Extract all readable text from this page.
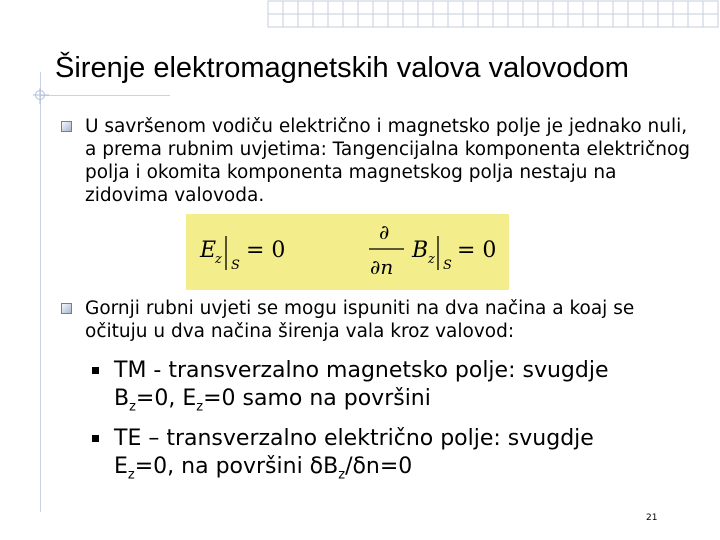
Širenje elektromagnetskih valova valovodom
U savršenom vodiču električno i magnetsko polje je jednako nuli, a prema rubnim uvjetima: Tangencijalna komponenta električnog polja i okomita komponenta magnetskog polja nestaju na zidovima valovoda.
E
z S
= 0
∂
∂n
B z S
= 0
Gornji rubni uvjeti se mogu ispuniti na dva načina a koaj se očituju u dva načina širenja vala kroz valovod:
TM - transverzalno magnetsko polje: svugdje
$B_z=0$, $E_z=0$ samo na površini
TE – transverzalno električno polje: svugdje
$E_z=0$, na površini $\delta B_z/\delta n=0$
21
